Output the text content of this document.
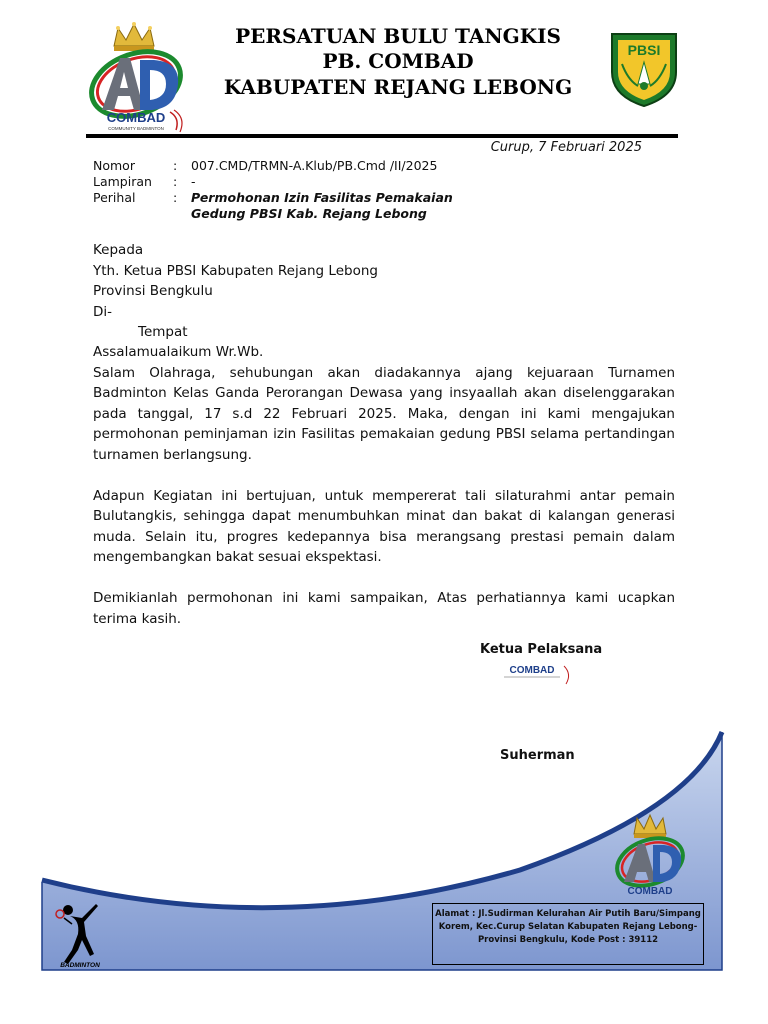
COMBAD
COMMUNITY BADMINTON
PERSATUAN BULU TANGKIS
PB. COMBAD
KABUPATEN REJANG LEBONG
PBSI
Curup, 7 Februari 2025
Nomor	:	007.CMD/TRMN-A.Klub/PB.Cmd /II/2025
Lampiran	:	-
Perihal	:	Permohonan Izin Fasilitas Pemakaian
Gedung PBSI Kab. Rejang Lebong
Kepada
Yth. Ketua PBSI Kabupaten Rejang Lebong
Provinsi Bengkulu
Di-
Tempat
Assalamualaikum Wr.Wb.

Salam Olahraga, sehubungan akan diadakannya ajang kejuaraan Turnamen Badminton Kelas Ganda Perorangan Dewasa yang insyaallah akan diselenggarakan pada tanggal, 17 s.d 22 Februari 2025. Maka, dengan ini kami mengajukan permohonan peminjaman izin Fasilitas pemakaian gedung PBSI selama pertandingan turnamen berlangsung.

Adapun Kegiatan ini bertujuan, untuk mempererat tali silaturahmi antar pemain Bulutangkis, sehingga dapat menumbuhkan minat dan bakat di kalangan generasi muda. Selain itu, progres kedepannya bisa merangsang prestasi pemain dalam mengembangkan bakat sesuai ekspektasi.

Demikianlah permohonan ini kami sampaikan, Atas perhatiannya kami ucapkan terima kasih.

Ketua Pelaksana
COMBAD
Suherman
COMBAD
BADMINTON
Alamat : Jl.Sudirman Kelurahan Air Putih Baru/Simpang
Korem, Kec.Curup Selatan Kabupaten Rejang Lebong-
Provinsi Bengkulu, Kode Post : 39112
